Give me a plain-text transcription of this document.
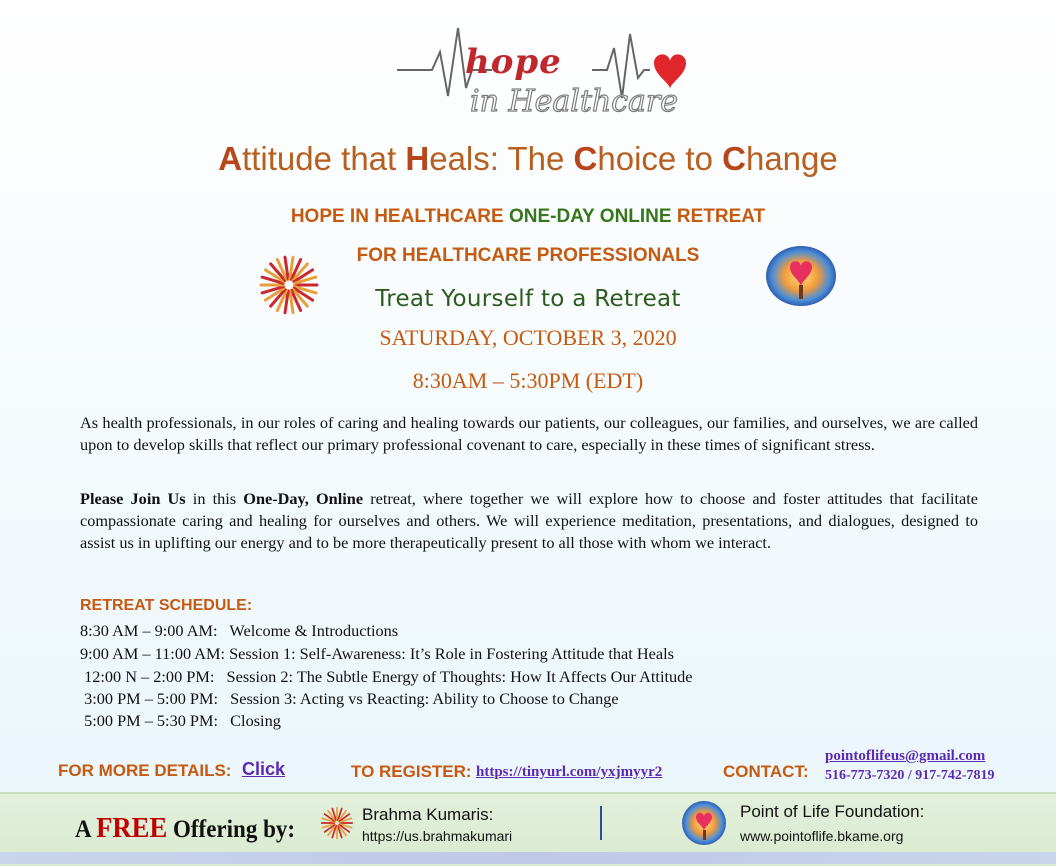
hope
in Healthcare
Attitude that Heals: The Choice to Change
HOPE IN HEALTHCARE ONE-DAY ONLINE RETREAT
FOR HEALTHCARE PROFESSIONALS
Treat Yourself to a Retreat
SATURDAY, OCTOBER 3, 2020
8:30AM – 5:30PM (EDT)
As health professionals, in our roles of caring and healing towards our patients, our colleagues, our families, and ourselves, we are called upon to develop skills that reflect our primary professional covenant to care, especially in these times of significant stress.
Please Join Us in this One-Day, Online retreat, where together we will explore how to choose and foster attitudes that facilitate compassionate caring and healing for ourselves and others. We will experience meditation, presentations, and dialogues, designed to assist us in uplifting our energy and to be more therapeutically present to all those with whom we interact.
RETREAT SCHEDULE:
8:30 AM – 9:00 AM:   Welcome & Introductions
9:00 AM – 11:00 AM: Session 1: Self-Awareness: It’s Role in Fostering Attitude that Heals
12:00 N – 2:00 PM:   Session 2: The Subtle Energy of Thoughts: How It Affects Our Attitude
3:00 PM – 5:00 PM:   Session 3: Acting vs Reacting: Ability to Choose to Change
5:00 PM – 5:30 PM:   Closing
FOR MORE DETAILS: Click	TO REGISTER: https://tinyurl.com/yxjmyyr2	CONTACT:
pointoflifeus@gmail.com
516-773-7320 / 917-742-7819
A FREE Offering by:
Brahma Kumaris:
https://us.brahmakumari
Point of Life Foundation:
www.pointoflife.bkame.org
